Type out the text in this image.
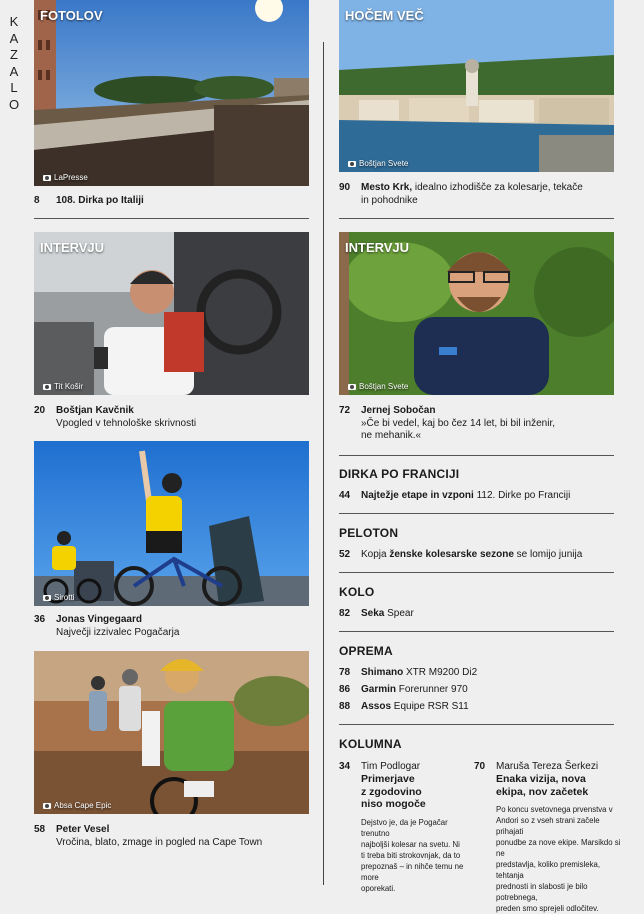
K
A
Z
A
L
O
FOTOLOV
LaPresse
8 108. Dirka po Italiji
INTERVJU
Tit Košir
20 Boštjan Kavčnik
Vpogled v tehnološke skrivnosti
Sirotti
36 Jonas Vingegaard
Največji izzivalec Pogačarja
Absa Cape Epic
58 Peter Vesel
Vročina, blato, zmage in pogled na Cape Town
HOČEM VEČ
Boštjan Svete
90 Mesto Krk, idealno izhodišče za kolesarje, tekače
in pohodnike
INTERVJU
Boštjan Svete
72 Jernej Sobočan
»Če bi vedel, kaj bo čez 14 let, bi bil inženir,
ne mehanik.«
DIRKA PO FRANCIJI
44 Najtežje etape in vzponi 112. Dirke po Franciji
PELOTON
52 Kopja ženske kolesarske sezone se lomijo junija
KOLO
82 Seka Spear
OPREMA
78 Shimano XTR M9200 Di2
86 Garmin Forerunner 970
88 Assos Equipe RSR S11
KOLUMNA
34 Tim Podlogar
Primerjave
z zgodovino
niso mogoče
Dejstvo je, da je Pogačar trenutno
najboljši kolesar na svetu. Ni
ti treba biti strokovnjak, da to
prepoznaš – in nihče temu ne more
oporekati.
70 Maruša Tereza Šerkezi
Enaka vizija, nova
ekipa, nov začetek
Po koncu svetovnega prvenstva v
Andori so z vseh strani začele prihajati
ponudbe za nove ekipe. Marsikdo si ne
predstavlja, koliko premisleka, tehtanja
prednosti in slabosti je bilo potrebnega,
preden smo sprejeli odločitev.
